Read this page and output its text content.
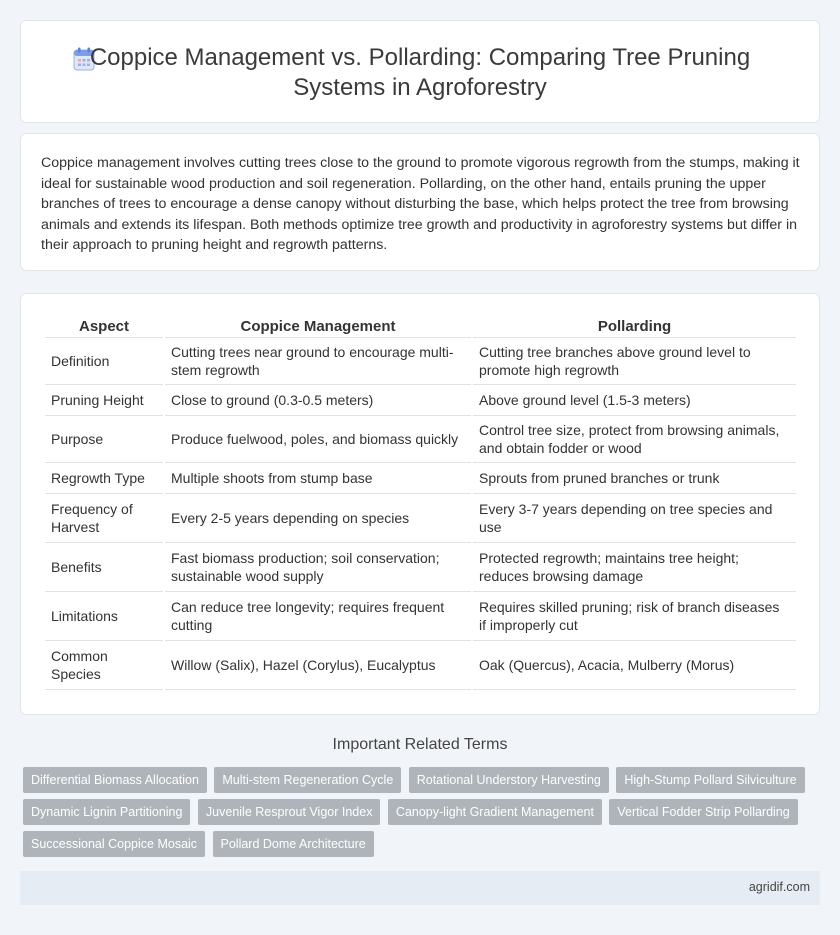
Coppice Management vs. Pollarding: Comparing Tree Pruning Systems in Agroforestry

Coppice management involves cutting trees close to the ground to promote vigorous regrowth from the stumps, making it ideal for sustainable wood production and soil regeneration. Pollarding, on the other hand, entails pruning the upper branches of trees to encourage a dense canopy without disturbing the base, which helps protect the tree from browsing animals and extends its lifespan. Both methods optimize tree growth and productivity in agroforestry systems but differ in their approach to pruning height and regrowth patterns.

Aspect	Coppice Management	Pollarding
Definition	Cutting trees near ground to encourage multi-stem regrowth	Cutting tree branches above ground level to promote high regrowth
Pruning Height	Close to ground (0.3-0.5 meters)	Above ground level (1.5-3 meters)
Purpose	Produce fuelwood, poles, and biomass quickly	Control tree size, protect from browsing animals, and obtain fodder or wood
Regrowth Type	Multiple shoots from stump base	Sprouts from pruned branches or trunk
Frequency of Harvest	Every 2-5 years depending on species	Every 3-7 years depending on tree species and use
Benefits	Fast biomass production; soil conservation; sustainable wood supply	Protected regrowth; maintains tree height; reduces browsing damage
Limitations	Can reduce tree longevity; requires frequent cutting	Requires skilled pruning; risk of branch diseases if improperly cut
Common Species	Willow (Salix), Hazel (Corylus), Eucalyptus	Oak (Quercus), Acacia, Mulberry (Morus)
Important Related Terms
Differential Biomass Allocation Multi-stem Regeneration Cycle Rotational Understory Harvesting High-Stump Pollard Silviculture Dynamic Lignin Partitioning Juvenile Resprout Vigor Index Canopy-light Gradient Management Vertical Fodder Strip Pollarding Successional Coppice Mosaic Pollard Dome Architecture
agridif.com
